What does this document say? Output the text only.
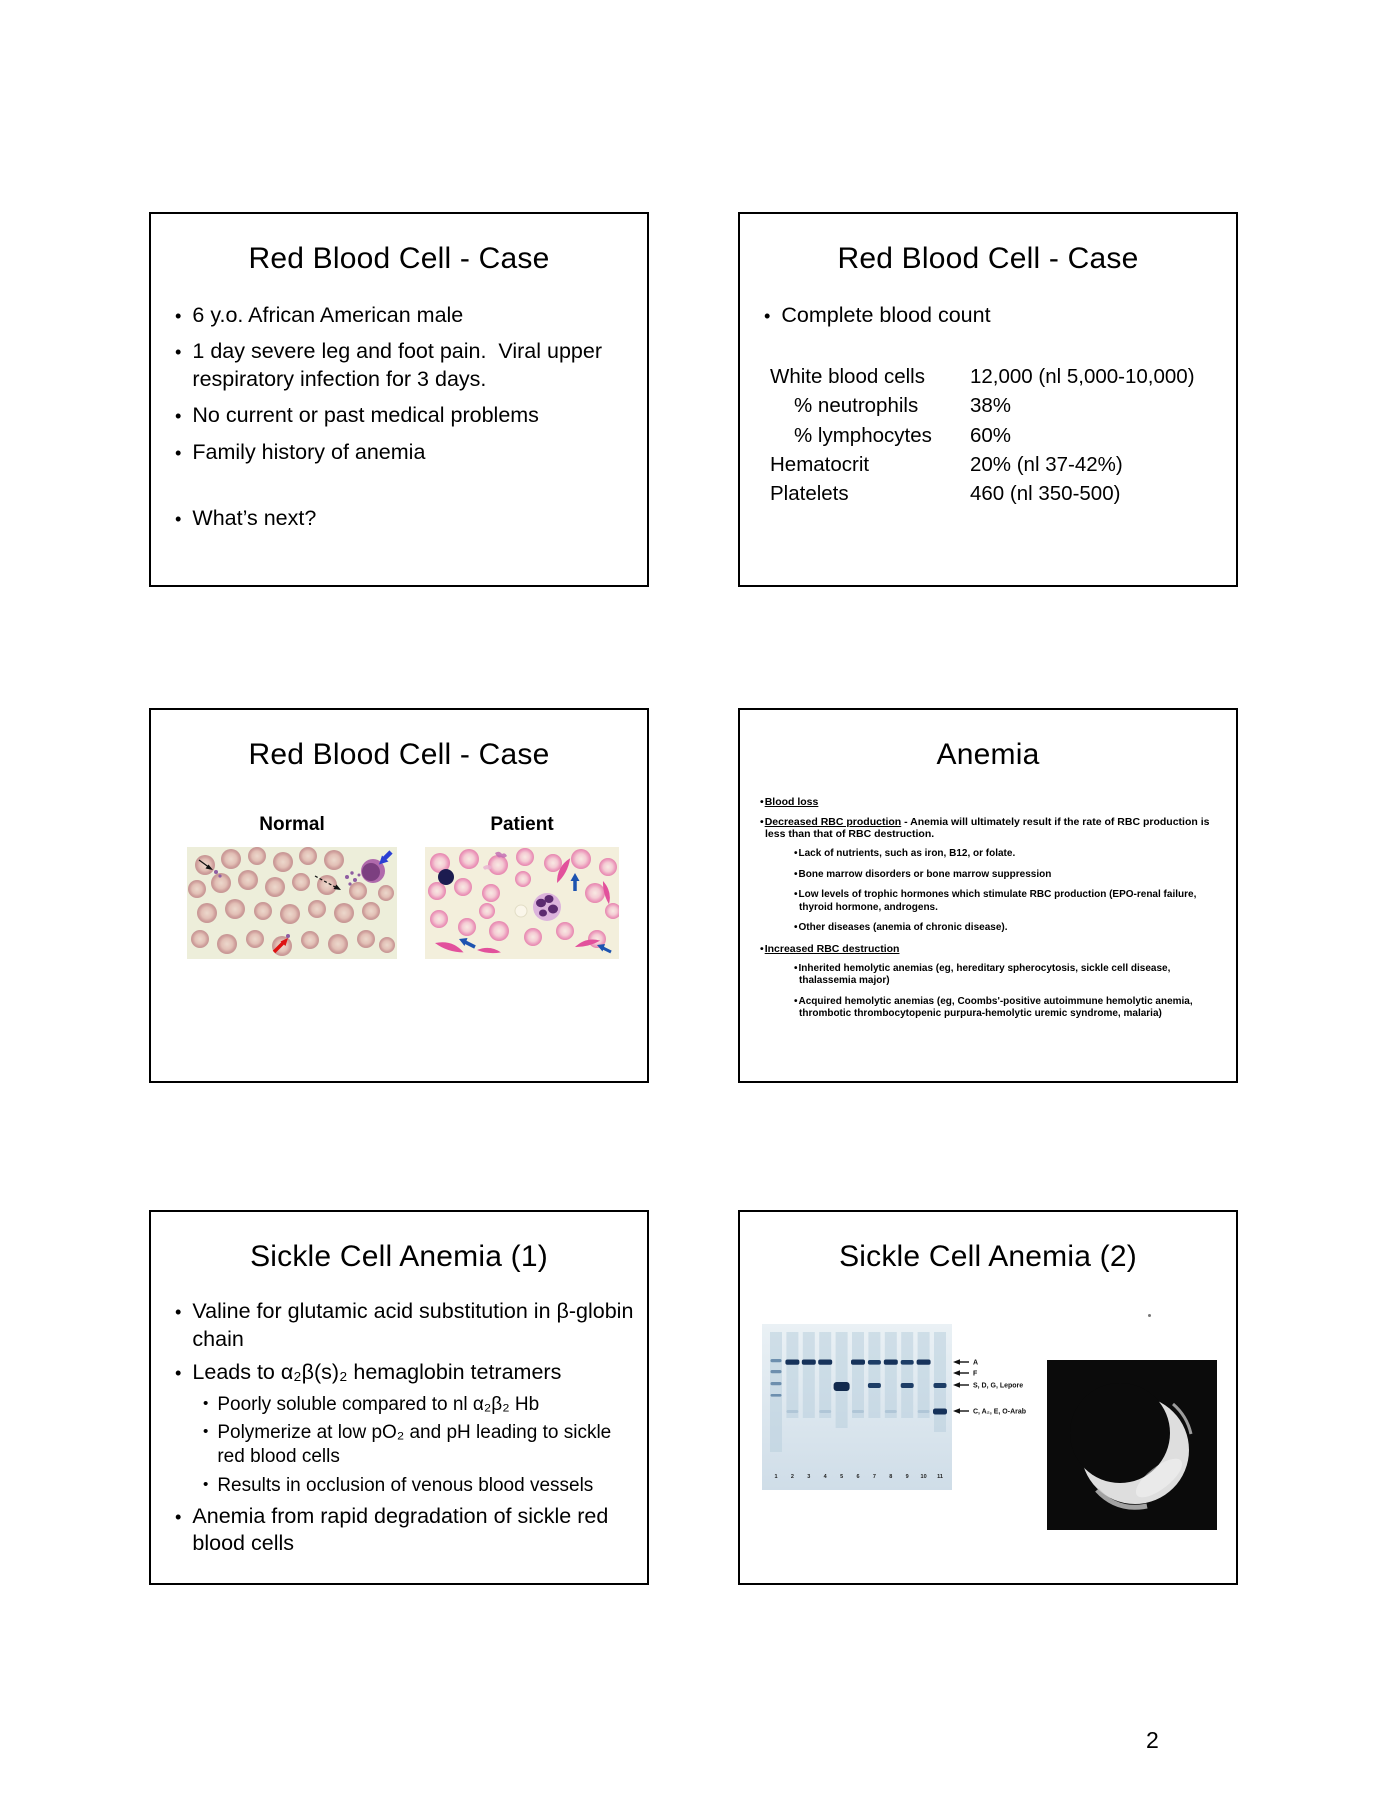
Red Blood Cell - Case
• 6 y.o. African American male
• 1 day severe leg and foot pain.  Viral upper respiratory infection for 3 days.
• No current or past medical problems
• Family history of anemia
• What’s next?
Red Blood Cell - Case
• Complete blood count
White blood cells	12,000 (nl 5,000-10,000)
% neutrophils	38%
% lymphocytes	60%
Hematocrit	20% (nl 37-42%)
Platelets	460 (nl 350-500)
Red Blood Cell - Case
Normal	Patient
Anemia
• Blood loss
• Decreased RBC production - Anemia will ultimately result if the rate of RBC production is less than that of RBC destruction.
• Lack of nutrients, such as iron, B12, or folate.
• Bone marrow disorders or bone marrow suppression
• Low levels of trophic hormones which stimulate RBC production (EPO-renal failure, thyroid hormone, androgens.
• Other diseases (anemia of chronic disease).
• Increased RBC destruction
• Inherited hemolytic anemias (eg, hereditary spherocytosis, sickle cell disease, thalassemia major)
• Acquired hemolytic anemias (eg, Coombs'-positive autoimmune hemolytic anemia, thrombotic thrombocytopenic purpura-hemolytic uremic syndrome, malaria)
Sickle Cell Anemia (1)
• Valine for glutamic acid substitution in β-globin chain
• Leads to α₂β(s)₂ hemaglobin tetramers
• Poorly soluble compared to nl α₂β₂ Hb
• Polymerize at low pO₂ and pH leading to sickle red blood cells
• Results in occlusion of venous blood vessels
• Anemia from rapid degradation of sickle red blood cells
Sickle Cell Anemia (2)
A
F
S, D, G, Lepore
C, A₂, E, O-Arab
1 2 3 4 5 6 7 8 9 10 11
2
